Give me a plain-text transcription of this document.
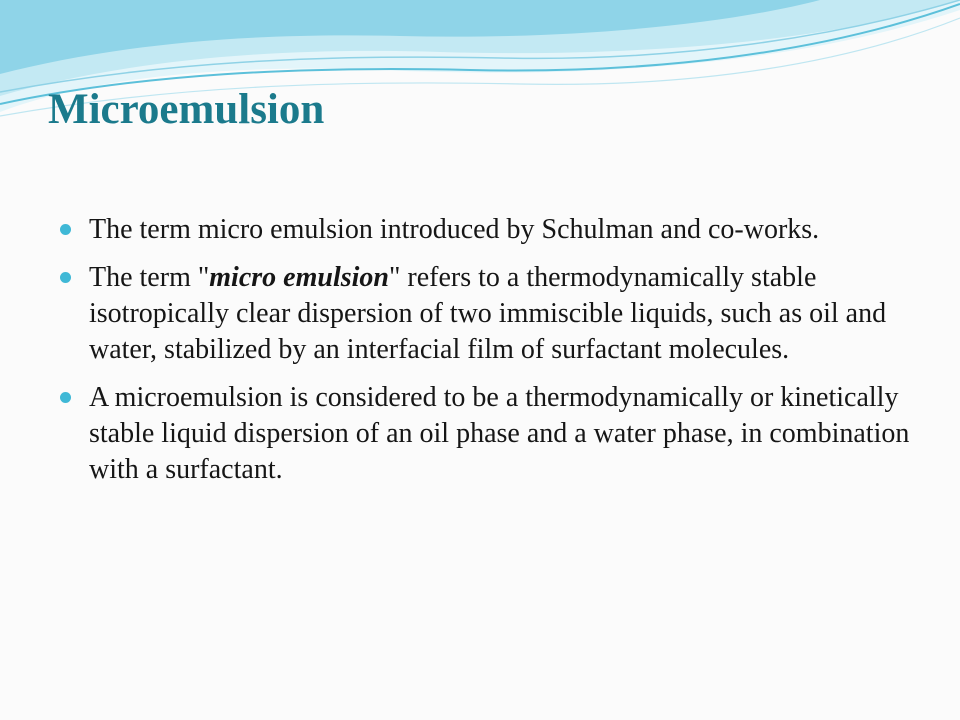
Microemulsion
The term micro emulsion introduced by Schulman and co-works.
The term "micro emulsion" refers to a thermodynamically stable isotropically clear dispersion of two immiscible liquids, such as oil and water, stabilized by an interfacial film of surfactant molecules.
A microemulsion is considered to be a thermodynamically or kinetically stable liquid dispersion of an oil phase and a water phase, in combination with a surfactant.
